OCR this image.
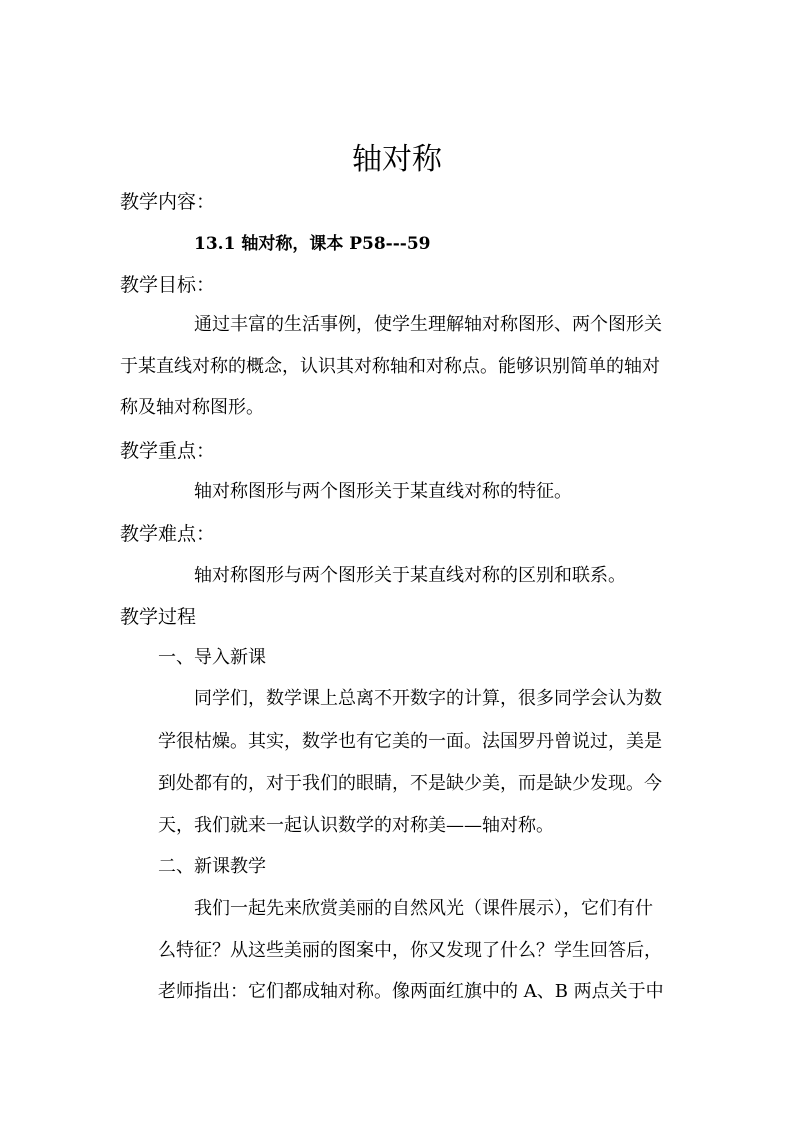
轴对称
教学内容：
13.1 轴对称，课本 P58---59
教学目标：
通过丰富的生活事例，使学生理解轴对称图形、两个图形关
于某直线对称的概念，认识其对称轴和对称点。能够识别简单的轴对
称及轴对称图形。
教学重点：
轴对称图形与两个图形关于某直线对称的特征。
教学难点：
轴对称图形与两个图形关于某直线对称的区别和联系。
教学过程
一、导入新课
同学们，数学课上总离不开数字的计算，很多同学会认为数
学很枯燥。其实，数学也有它美的一面。法国罗丹曾说过，美是
到处都有的，对于我们的眼睛，不是缺少美，而是缺少发现。今
天，我们就来一起认识数学的对称美——轴对称。
二、新课教学
我们一起先来欣赏美丽的自然风光（课件展示），它们有什
么特征？从这些美丽的图案中，你又发现了什么？学生回答后，
老师指出：它们都成轴对称。像两面红旗中的 A、B 两点关于中
